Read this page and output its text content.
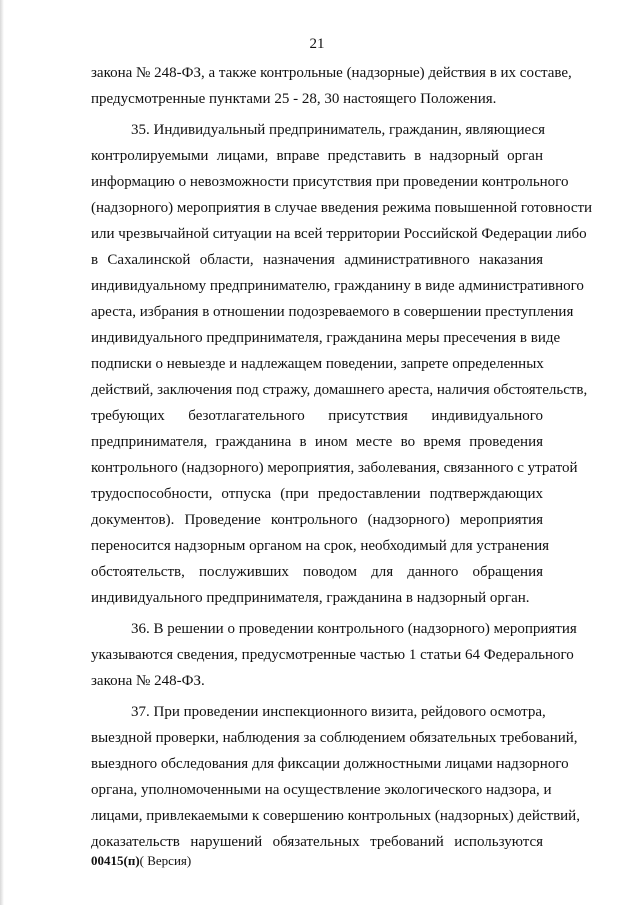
21
закона № 248-ФЗ, а также контрольные (надзорные) действия в их составе,
предусмотренные пунктами 25 - 28, 30 настоящего Положения.
35. Индивидуальный предприниматель, гражданин, являющиеся
контролируемыми лицами, вправе представить в надзорный орган
информацию о невозможности присутствия при проведении контрольного
(надзорного) мероприятия в случае введения режима повышенной готовности
или чрезвычайной ситуации на всей территории Российской Федерации либо
в Сахалинской области, назначения административного наказания
индивидуальному предпринимателю, гражданину в виде административного
ареста, избрания в отношении подозреваемого в совершении преступления
индивидуального предпринимателя, гражданина меры пресечения в виде
подписки о невыезде и надлежащем поведении, запрете определенных
действий, заключения под стражу, домашнего ареста, наличия обстоятельств,
требующих безотлагательного присутствия индивидуального
предпринимателя, гражданина в ином месте во время проведения
контрольного (надзорного) мероприятия, заболевания, связанного с утратой
трудоспособности, отпуска (при предоставлении подтверждающих
документов). Проведение контрольного (надзорного) мероприятия
переносится надзорным органом на срок, необходимый для устранения
обстоятельств, послуживших поводом для данного обращения
индивидуального предпринимателя, гражданина в надзорный орган.
36. В решении о проведении контрольного (надзорного) мероприятия
указываются сведения, предусмотренные частью 1 статьи 64 Федерального
закона № 248-ФЗ.
37. При проведении инспекционного визита, рейдового осмотра,
выездной проверки, наблюдения за соблюдением обязательных требований,
выездного обследования для фиксации должностными лицами надзорного
органа, уполномоченными на осуществление экологического надзора, и
лицами, привлекаемыми к совершению контрольных (надзорных) действий,
доказательств нарушений обязательных требований используются
00415(п)( Версия)
